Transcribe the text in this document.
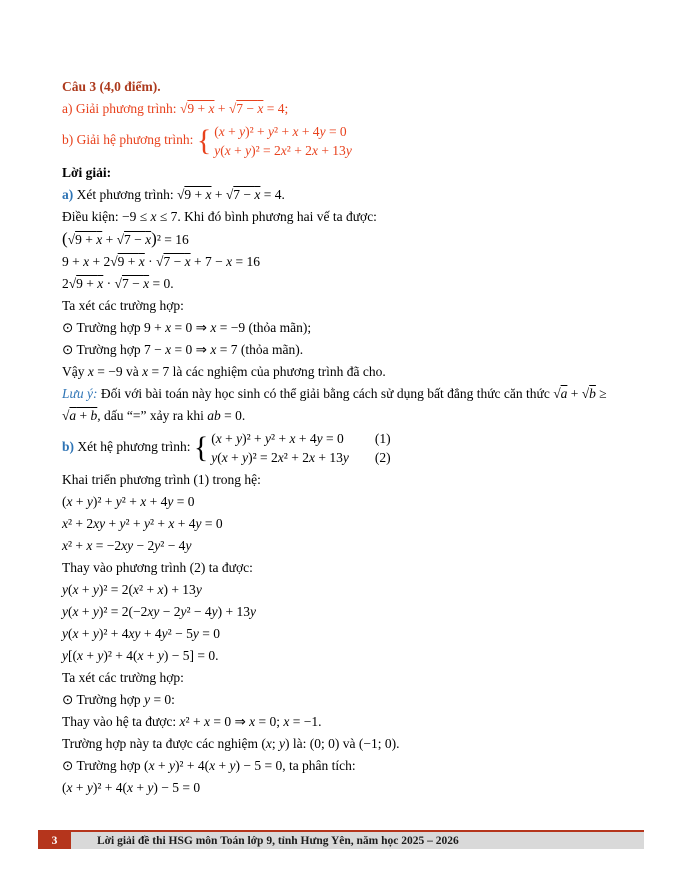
Câu 3 (4,0 điểm).

a) Giải phương trình: √9 + x + √7 − x = 4;

b) Giải hệ phương trình: { (x + y)² + y² + x + 4y = 0
y(x + y)² = 2x² + 2x + 13y

Lời giải:

a) Xét phương trình: √9 + x + √7 − x = 4.

Điều kiện: −9 ≤ x ≤ 7. Khi đó bình phương hai vế ta được:

(√9 + x + √7 − x)² = 16

9 + x + 2√9 + x · √7 − x + 7 − x = 16

2√9 + x · √7 − x = 0.

Ta xét các trường hợp:

⊙ Trường hợp 9 + x = 0 ⇒ x = −9 (thỏa mãn);

⊙ Trường hợp 7 − x = 0 ⇒ x = 7 (thỏa mãn).

Vậy x = −9 và x = 7 là các nghiệm của phương trình đã cho.

Lưu ý: Đối với bài toán này học sinh có thể giải bằng cách sử dụng bất đẳng thức căn thức √a + √b ≥ √a + b, dấu “=” xảy ra khi ab = 0.

b) Xét hệ phương trình: { (x + y)² + y² + x + 4y = 0	(1)
y(x + y)² = 2x² + 2x + 13y (2)

Khai triển phương trình (1) trong hệ:

(x + y)² + y² + x + 4y = 0

x² + 2xy + y² + y² + x + 4y = 0

x² + x = −2xy − 2y² − 4y

Thay vào phương trình (2) ta được:

y(x + y)² = 2(x² + x) + 13y

y(x + y)² = 2(−2xy − 2y² − 4y) + 13y

y(x + y)² + 4xy + 4y² − 5y = 0

y[(x + y)² + 4(x + y) − 5] = 0.

Ta xét các trường hợp:

⊙ Trường hợp y = 0:

Thay vào hệ ta được: x² + x = 0 ⇒ x = 0; x = −1.

Trường hợp này ta được các nghiệm (x; y) là: (0; 0) và (−1; 0).

⊙ Trường hợp (x + y)² + 4(x + y) − 5 = 0, ta phân tích:

(x + y)² + 4(x + y) − 5 = 0

3	Lời giải đề thi HSG môn Toán lớp 9, tỉnh Hưng Yên, năm học 2025 – 2026
